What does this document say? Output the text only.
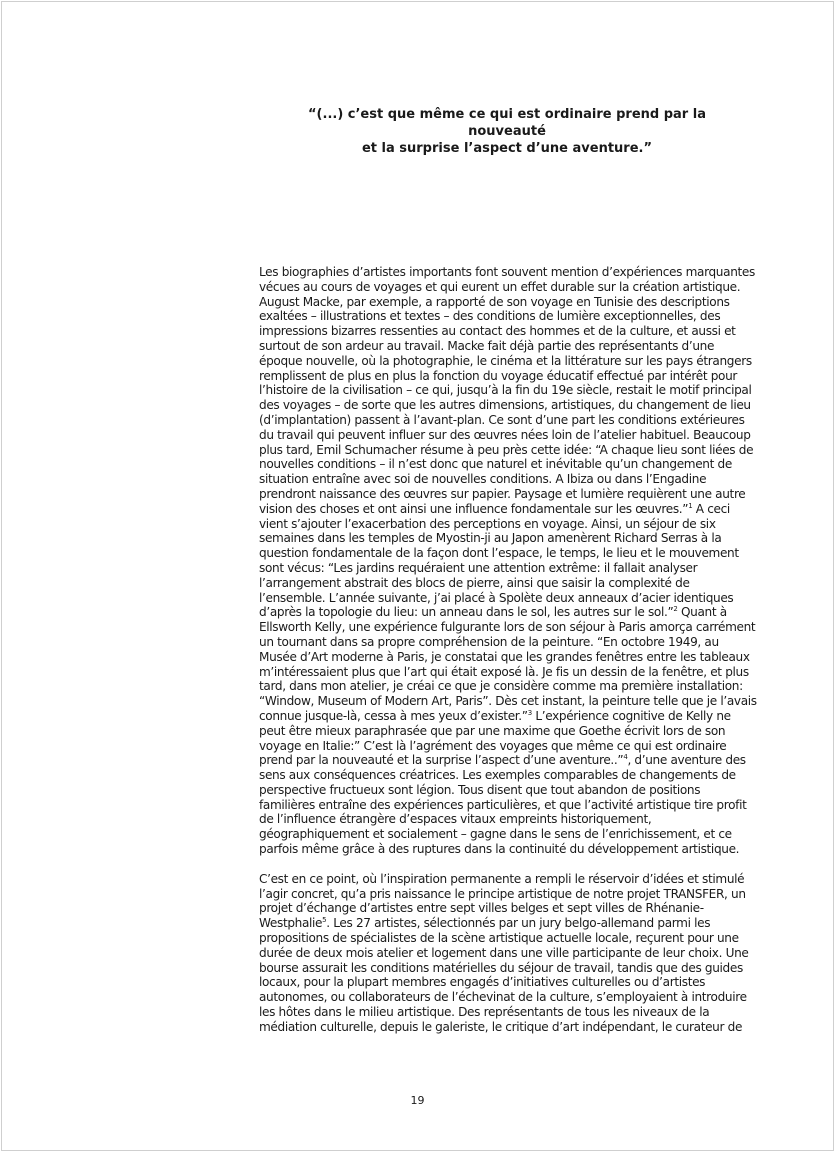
“(...) c’est que même ce qui est ordinaire prend par la nouveauté
et la surprise l’aspect d’une aventure.”

Les biographies d’artistes importants font souvent mention d’expériences marquantes vécues au cours de voyages et qui eurent un effet durable sur la création artistique. August Macke, par exemple, a rapporté de son voyage en Tunisie des descriptions exaltées – illustrations et textes – des conditions de lumière exceptionnelles, des impressions bizarres ressenties au contact des hommes et de la culture, et aussi et surtout de son ardeur au travail. Macke fait déjà partie des représentants d’une époque nouvelle, où la photographie, le cinéma et la littérature sur les pays étrangers remplissent de plus en plus la fonction du voyage éducatif effectué par intérêt pour l’histoire de la civilisation – ce qui, jusqu’à la fin du 19e siècle, restait le motif principal des voyages – de sorte que les autres dimensions, artistiques, du changement de lieu (d’implantation) passent à l’avant-plan. Ce sont d’une part les conditions extérieures du travail qui peuvent influer sur des œuvres nées loin de l’atelier habituel. Beaucoup plus tard, Emil Schumacher résume à peu près cette idée: “A chaque lieu sont liées de nouvelles conditions – il n’est donc que naturel et inévitable qu’un changement de situation entraîne avec soi de nouvelles conditions. A Ibiza ou dans l’Engadine prendront naissance des œuvres sur papier. Paysage et lumière requièrent une autre vision des choses et ont ainsi une influence fondamentale sur les œuvres.”$^1$ A ceci vient s’ajouter l’exacerbation des perceptions en voyage. Ainsi, un séjour de six semaines dans les temples de Myostin-ji au Japon amenèrent Richard Serras à la question fondamentale de la façon dont l’espace, le temps, le lieu et le mouvement sont vécus: “Les jardins requéraient une attention extrême: il fallait analyser l’arrangement abstrait des blocs de pierre, ainsi que saisir la complexité de l’ensemble. L’année suivante, j’ai placé à Spolète deux anneaux d’acier identiques d’après la topologie du lieu: un anneau dans le sol, les autres sur le sol.”$^2$ Quant à Ellsworth Kelly, une expérience fulgurante lors de son séjour à Paris amorça carrément un tournant dans sa propre compréhension de la peinture. “En octobre 1949, au Musée d’Art moderne à Paris, je constatai que les grandes fenêtres entre les tableaux m’intéressaient plus que l’art qui était exposé là. Je fis un dessin de la fenêtre, et plus tard, dans mon atelier, je créai ce que je considère comme ma première installation: “Window, Museum of Modern Art, Paris”. Dès cet instant, la peinture telle que je l’avais connue jusque-là, cessa à mes yeux d’exister.”$^3$ L’expérience cognitive de Kelly ne peut être mieux paraphrasée que par une maxime que Goethe écrivit lors de son voyage en Italie:” C’est là l’agrément des voyages que même ce qui est ordinaire prend par la nouveauté et la surprise l’aspect d’une aventure..”$^4$, d’une aventure des sens aux conséquences créatrices. Les exemples comparables de changements de perspective fructueux sont légion. Tous disent que tout abandon de positions familières entraîne des expériences particulières, et que l’activité artistique tire profit de l’influence étrangère d’espaces vitaux empreints historiquement, géographiquement et socialement – gagne dans le sens de l’enrichissement, et ce parfois même grâce à des ruptures dans la continuité du développement artistique.

C’est en ce point, où l’inspiration permanente a rempli le réservoir d’idées et stimulé l’agir concret, qu’a pris naissance le principe artistique de notre projet TRANSFER, un projet d’échange d’artistes entre sept villes belges et sept villes de Rhénanie-Westphalie$^5$. Les 27 artistes, sélectionnés par un jury belgo-allemand parmi les propositions de spécialistes de la scène artistique actuelle locale, reçurent pour une durée de deux mois atelier et logement dans une ville participante de leur choix. Une bourse assurait les conditions matérielles du séjour de travail, tandis que des guides locaux, pour la plupart membres engagés d’initiatives culturelles ou d’artistes autonomes, ou collaborateurs de l’échevinat de la culture, s’employaient à introduire les hôtes dans le milieu artistique. Des représentants de tous les niveaux de la médiation culturelle, depuis le galeriste, le critique d’art indépendant, le curateur de

19
